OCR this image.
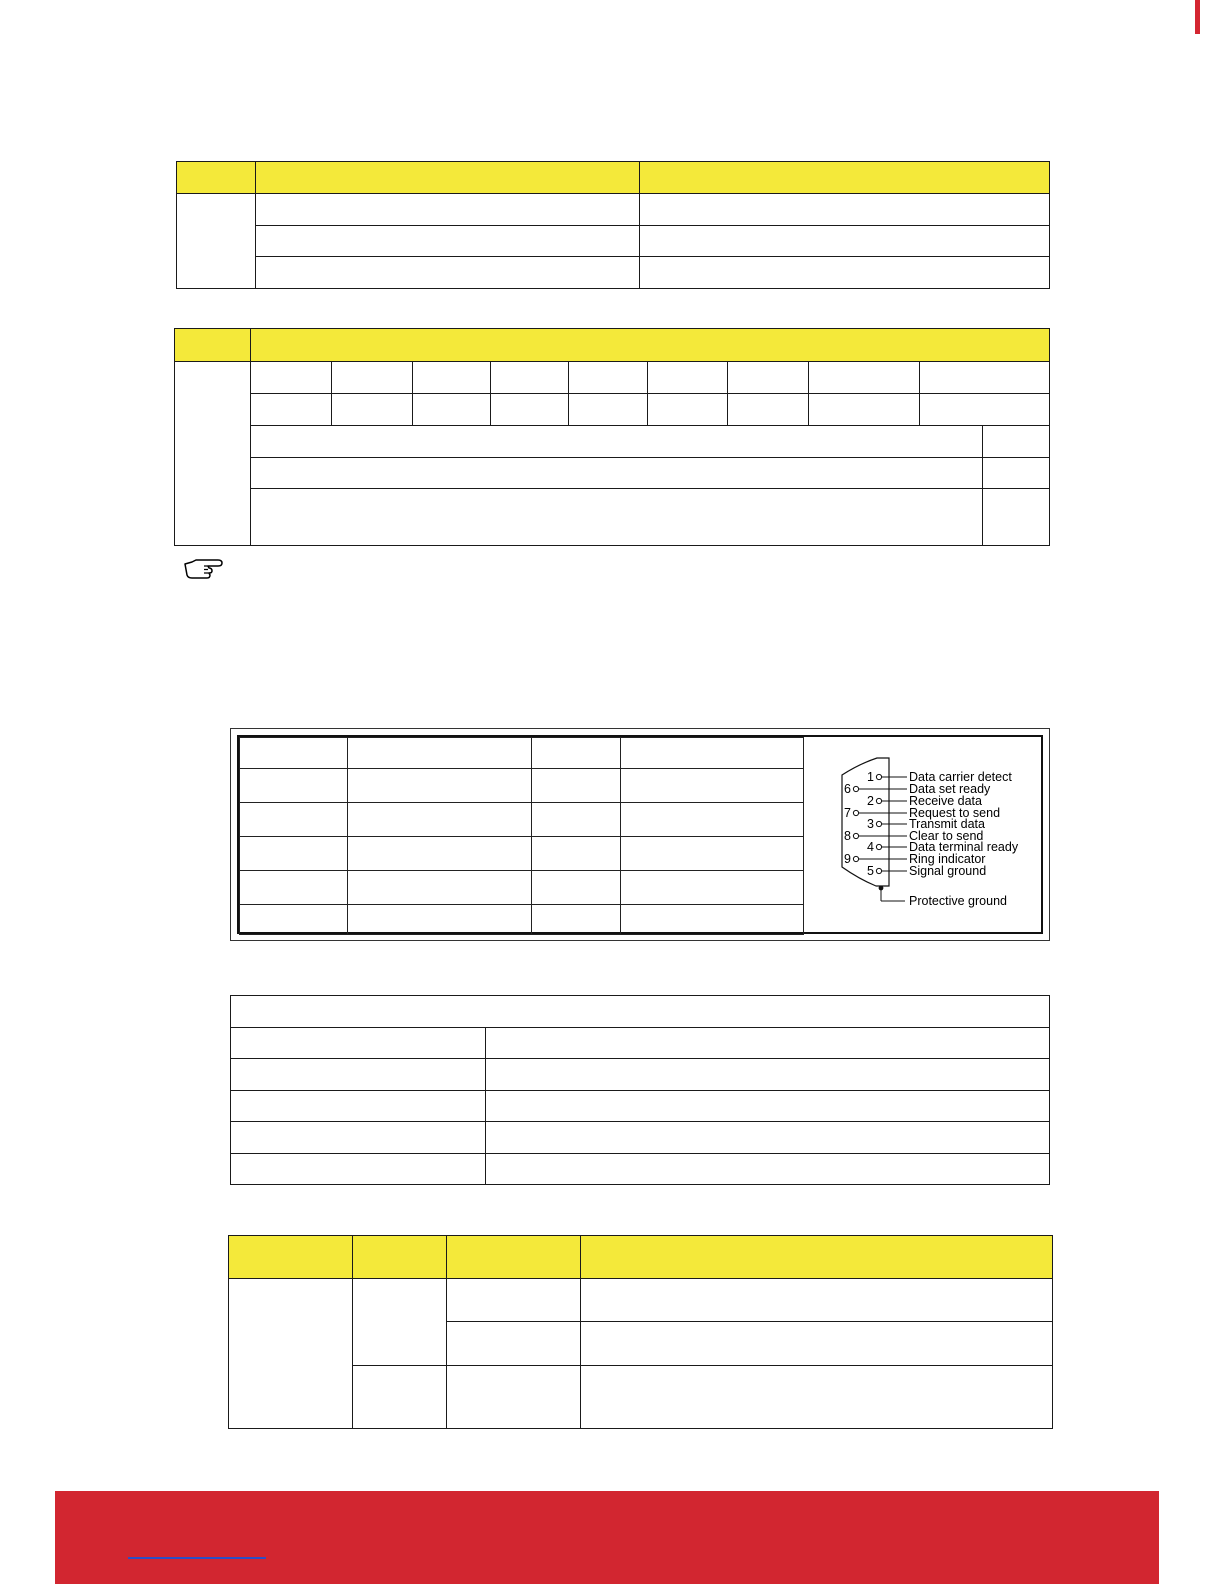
1
6
2
7
3
8
4
9
5
Data carrier detect
Data set ready
Receive data
Request to send
Transmit data
Clear to send
Data terminal ready
Ring indicator
Signal ground
Protective ground
